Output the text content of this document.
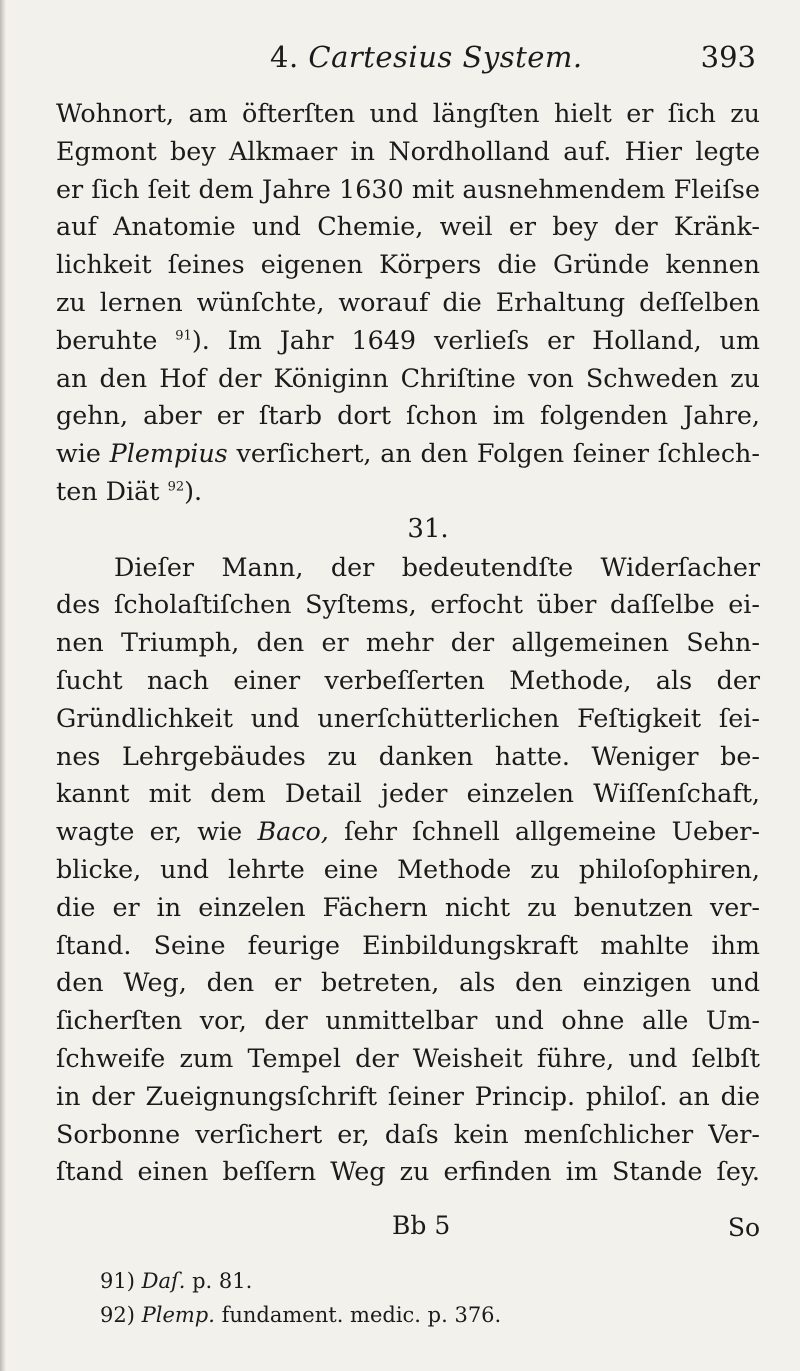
4. Cartesius System.	393
Wohnort, am öfterſten und längſten hielt er ſich zu
Egmont bey Alkmaer in Nordholland auf. Hier legte
er ſich ſeit dem Jahre 1630 mit ausnehmendem Fleiſse
auf Anatomie und Chemie, weil er bey der Kränk-
lichkeit ſeines eigenen Körpers die Gründe kennen
zu lernen wünſchte, worauf die Erhaltung deſſelben
beruhte $^{91}$). Im Jahr 1649 verlieſs er Holland, um
an den Hof der Königinn Chriſtine von Schweden zu
gehn, aber er ſtarb dort ſchon im folgenden Jahre,
wie Plempius verſichert, an den Folgen ſeiner ſchlech-
ten Diät $^{92}$).
31.
Dieſer Mann, der bedeutendſte Widerſacher
des ſcholaſtiſchen Syſtems, erfocht über daſſelbe ei-
nen Triumph, den er mehr der allgemeinen Sehn-
ſucht nach einer verbeſſerten Methode, als der
Gründlichkeit und unerſchütterlichen Feſtigkeit ſei-
nes Lehrgebäudes zu danken hatte. Weniger be-
kannt mit dem Detail jeder einzelen Wiſſenſchaft,
wagte er, wie Baco, ſehr ſchnell allgemeine Ueber-
blicke, und lehrte eine Methode zu philoſophiren,
die er in einzelen Fächern nicht zu benutzen ver-
ſtand. Seine feurige Einbildungskraft mahlte ihm
den Weg, den er betreten, als den einzigen und
ſicherſten vor, der unmittelbar und ohne alle Um-
ſchweife zum Tempel der Weisheit führe, und ſelbſt
in der Zueignungsſchrift ſeiner Princip. philoſ. an die
Sorbonne verſichert er, daſs kein menſchlicher Ver-
ſtand einen beſſern Weg zu erfinden im Stande ſey.
Bb 5	So
91) Daſ. p. 81.
92) Plemp. fundament. medic. p. 376.
